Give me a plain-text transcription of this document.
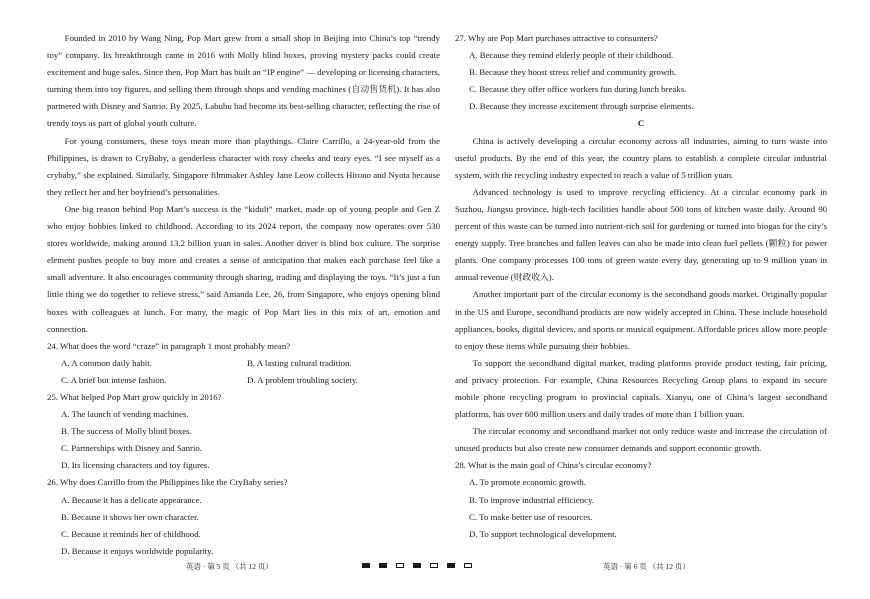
Founded in 2010 by Wang Ning, Pop Mart grew from a small shop in Beijing into China’s top “trendy toy” company. Its breakthrough came in 2016 with Molly blind boxes, proving mystery packs could create excitement and huge sales. Since then, Pop Mart has built an “IP engine” — developing or licensing characters, turning them into toy figures, and selling them through shops and vending machines (自动售货机). It has also partnered with Disney and Sanrio. By 2025, Labubu had become its best-selling character, reflecting the rise of trendy toys as part of global youth culture.

For young consumers, these toys mean more than playthings. Claire Carrillo, a 24-year-old from the Philippines, is drawn to CryBaby, a genderless character with rosy cheeks and teary eyes. “I see myself as a crybaby,” she explained. Similarly, Singapore filmmaker Ashley Jane Leow collects Hirono and Nyota because they reflect her and her boyfriend’s personalities.

One big reason behind Pop Mart’s success is the “kidult” market, made up of young people and Gen Z who enjoy hobbies linked to childhood. According to its 2024 report, the company now operates over 530 stores worldwide, making around 13.2 billion yuan in sales. Another driver is blind box culture. The surprise element pushes people to buy more and creates a sense of anticipation that makes each purchase feel like a small adventure. It also encourages community through sharing, trading and displaying the toys. “It’s just a fun little thing we do together to relieve stress,” said Amanda Lee, 26, from Singapore, who enjoys opening blind boxes with colleagues at lunch. For many, the magic of Pop Mart lies in this mix of art, emotion and connection.

24. What does the word “craze” in paragraph 1 most probably mean?

A. A common daily habit.	B. A lasting cultural tradition.
C. A brief but intense fashion.	D. A problem troubling society.

25. What helped Pop Mart grow quickly in 2016?

A. The launch of vending machines.

B. The success of Molly blind boxes.

C. Partnerships with Disney and Sanrio.

D. Its licensing characters and toy figures.

26. Why does Carrillo from the Philippines like the CryBaby series?

A. Because it has a delicate appearance.

B. Because it shows her own character.

C. Because it reminds her of childhood.

D. Because it enjoys worldwide popularity.

27. Why are Pop Mart purchases attractive to consumers?

A. Because they remind elderly people of their childhood.

B. Because they boost stress relief and community growth.

C. Because they offer office workers fun during lunch breaks.

D. Because they increase excitement through surprise elements.

C

China is actively developing a circular economy across all industries, aiming to turn waste into useful products. By the end of this year, the country plans to establish a complete circular industrial system, with the recycling industry expected to reach a value of 5 trillion yuan.

Advanced technology is used to improve recycling efficiency. At a circular economy park in Suzhou, Jiangsu province, high-tech facilities handle about 500 tons of kitchen waste daily. Around 90 percent of this waste can be turned into nutrient-rich soil for gardening or turned into biogas for the city’s energy supply. Tree branches and fallen leaves can also be made into clean fuel pellets (颗粒) for power plants. One company processes 100 tons of green waste every day, generating up to 9 million yuan in annual revenue (财政收入).

Another important part of the circular economy is the secondhand goods market. Originally popular in the US and Europe, secondhand products are now widely accepted in China. These include household appliances, books, digital devices, and sports or musical equipment. Affordable prices allow more people to enjoy these items while pursuing their hobbies.

To support the secondhand digital market, trading platforms provide product testing, fair pricing, and privacy protection. For example, China Resources Recycling Group plans to expand its secure mobile phone recycling program to provincial capitals. Xianyu, one of China’s largest secondhand platforms, has over 600 million users and daily trades of more than 1 billion yuan.

The circular economy and secondhand market not only reduce waste and increase the circulation of unused products but also create new consumer demands and support economic growth.

28. What is the main goal of China’s circular economy?

A. To promote economic growth.

B. To improve industrial efficiency.

C. To make better use of resources.

D. To support technological development.

英语 · 第 5 页 （共 12 页）	英语 · 第 6 页 （共 12 页）
